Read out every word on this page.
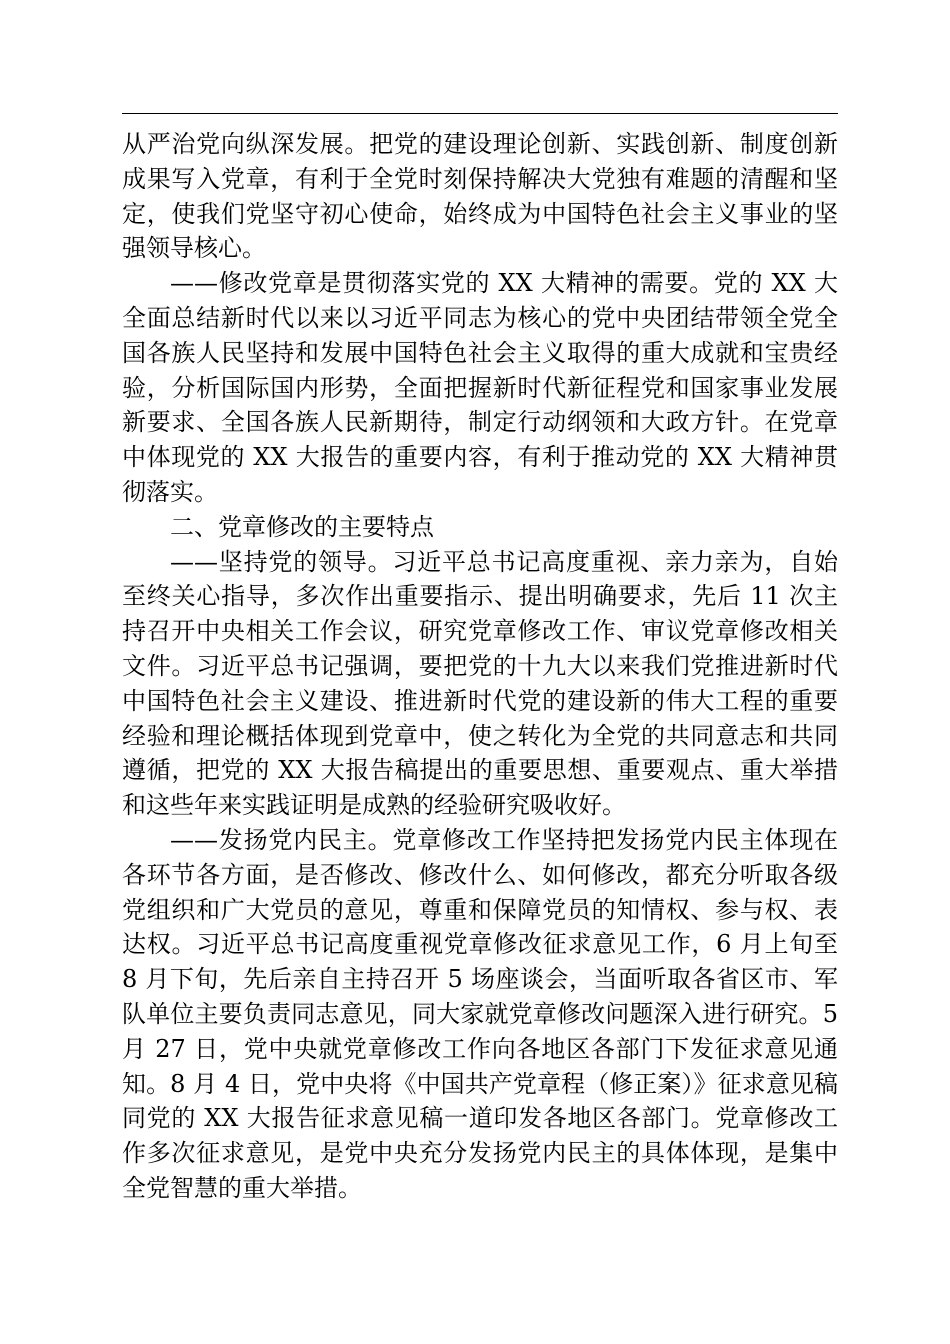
从严治党向纵深发展。把党的建设理论创新、实践创新、制度创新成果写入党章，有利于全党时刻保持解决大党独有难题的清醒和坚定，使我们党坚守初心使命，始终成为中国特色社会主义事业的坚强领导核心。

——修改党章是贯彻落实党的 XX 大精神的需要。党的 XX 大全面总结新时代以来以习近平同志为核心的党中央团结带领全党全国各族人民坚持和发展中国特色社会主义取得的重大成就和宝贵经验，分析国际国内形势，全面把握新时代新征程党和国家事业发展新要求、全国各族人民新期待，制定行动纲领和大政方针。在党章中体现党的 XX 大报告的重要内容，有利于推动党的 XX 大精神贯彻落实。

二、党章修改的主要特点

——坚持党的领导。习近平总书记高度重视、亲力亲为，自始至终关心指导，多次作出重要指示、提出明确要求，先后 11 次主持召开中央相关工作会议，研究党章修改工作、审议党章修改相关文件。习近平总书记强调，要把党的十九大以来我们党推进新时代中国特色社会主义建设、推进新时代党的建设新的伟大工程的重要经验和理论概括体现到党章中，使之转化为全党的共同意志和共同遵循，把党的 XX 大报告稿提出的重要思想、重要观点、重大举措和这些年来实践证明是成熟的经验研究吸收好。

——发扬党内民主。党章修改工作坚持把发扬党内民主体现在各环节各方面，是否修改、修改什么、如何修改，都充分听取各级党组织和广大党员的意见，尊重和保障党员的知情权、参与权、表达权。习近平总书记高度重视党章修改征求意见工作，6 月上旬至 8 月下旬，先后亲自主持召开 5 场座谈会，当面听取各省区市、军队单位主要负责同志意见，同大家就党章修改问题深入进行研究。5 月 27 日，党中央就党章修改工作向各地区各部门下发征求意见通知。8 月 4 日，党中央将《中国共产党章程（修正案）》征求意见稿同党的 XX 大报告征求意见稿一道印发各地区各部门。党章修改工作多次征求意见，是党中央充分发扬党内民主的具体体现，是集中全党智慧的重大举措。
